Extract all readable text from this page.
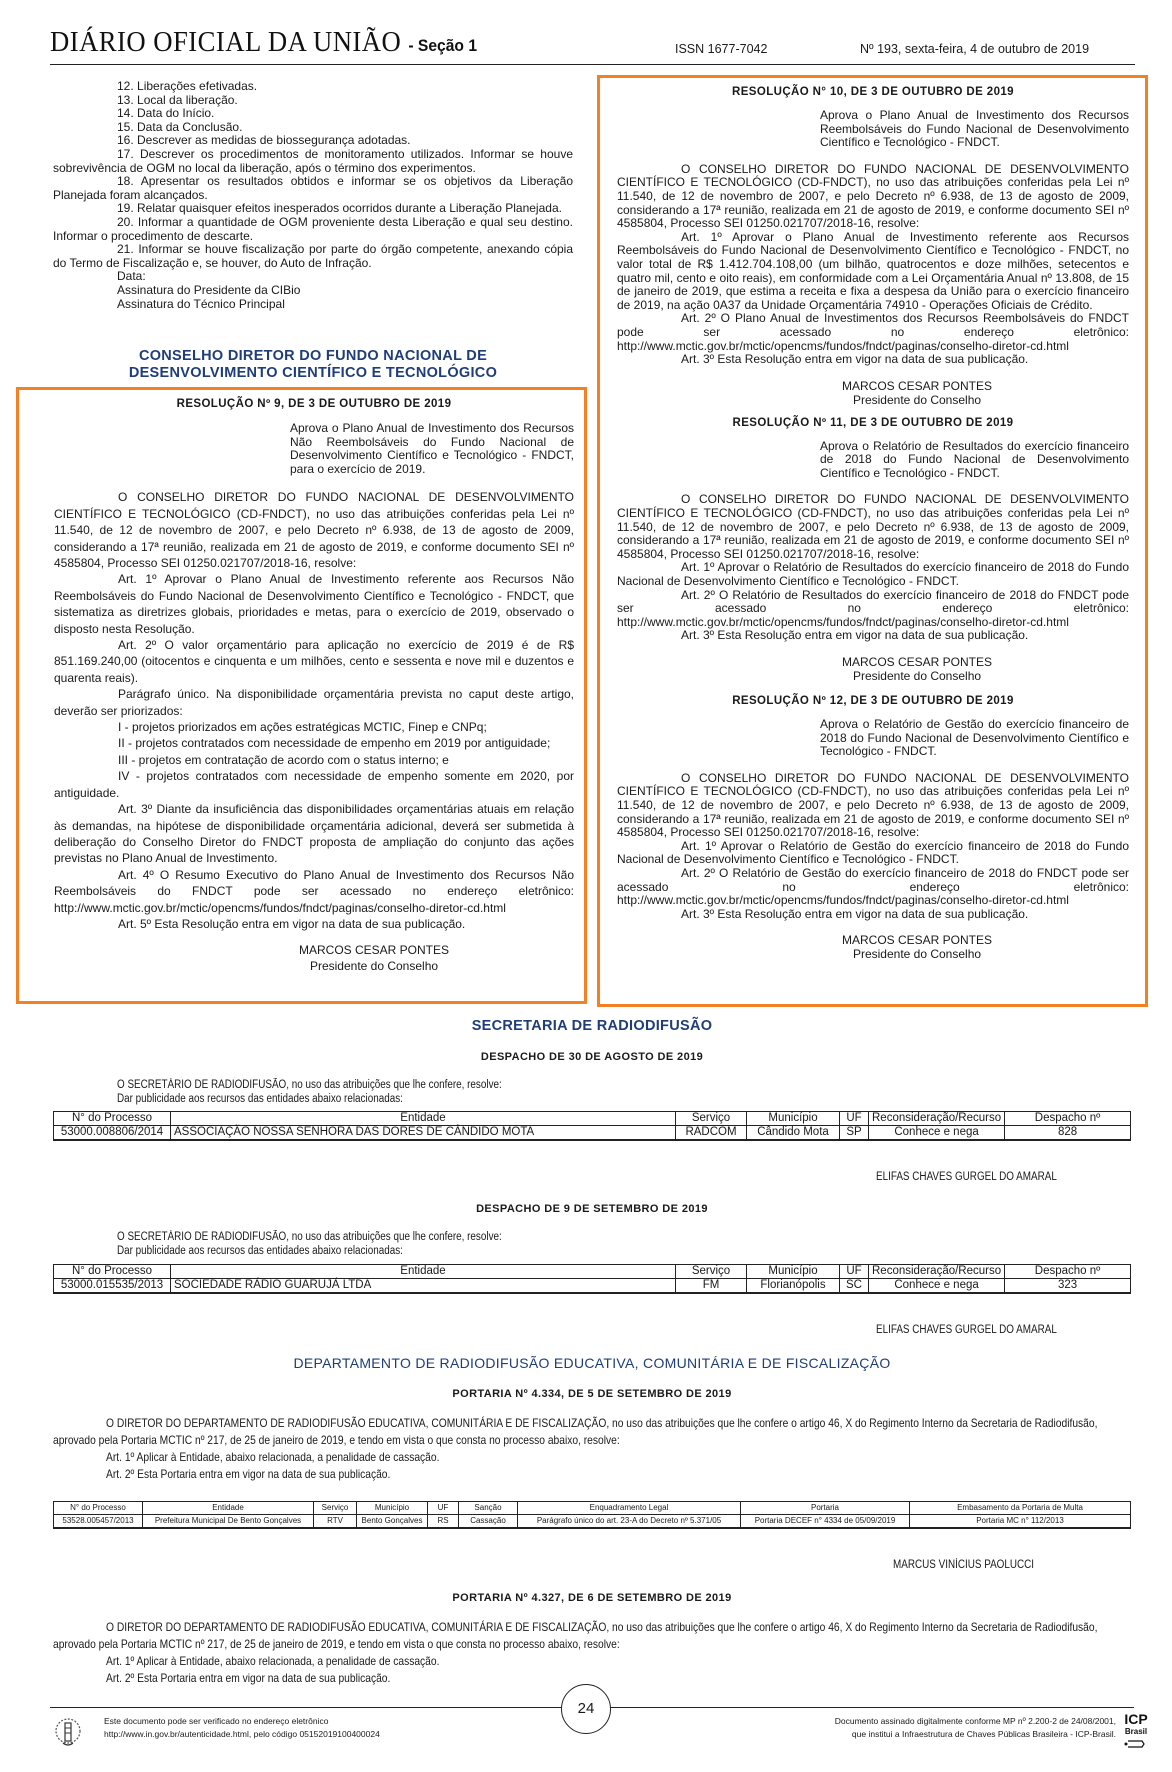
DIÁRIO OFICIAL DA UNIÃO - Seção 1	ISSN 1677-7042	Nº 193, sexta-feira, 4 de outubro de 2019
12. Liberações efetivadas.
13. Local da liberação.
14. Data do Início.
15. Data da Conclusão.
16. Descrever as medidas de biossegurança adotadas.
17. Descrever os procedimentos de monitoramento utilizados. Informar se houve sobrevivência de OGM no local da liberação, após o término dos experimentos.
18. Apresentar os resultados obtidos e informar se os objetivos da Liberação Planejada foram alcançados.
19. Relatar quaisquer efeitos inesperados ocorridos durante a Liberação Planejada.
20. Informar a quantidade de OGM proveniente desta Liberação e qual seu destino. Informar o procedimento de descarte.
21. Informar se houve fiscalização por parte do órgão competente, anexando cópia do Termo de Fiscalização e, se houver, do Auto de Infração.
Data:
Assinatura do Presidente da CIBio
Assinatura do Técnico Principal
CONSELHO DIRETOR DO FUNDO NACIONAL DE
DESENVOLVIMENTO CIENTÍFICO E TECNOLÓGICO
RESOLUÇÃO Nº 9, DE 3 DE OUTUBRO DE 2019
Aprova o Plano Anual de Investimento dos Recursos Não Reembolsáveis do Fundo Nacional de Desenvolvimento Científico e Tecnológico - FNDCT, para o exercício de 2019.
O CONSELHO DIRETOR DO FUNDO NACIONAL DE DESENVOLVIMENTO CIENTÍFICO E TECNOLÓGICO (CD-FNDCT), no uso das atribuições conferidas pela Lei nº 11.540, de 12 de novembro de 2007, e pelo Decreto nº 6.938, de 13 de agosto de 2009, considerando a 17ª reunião, realizada em 21 de agosto de 2019, e conforme documento SEI nº 4585804, Processo SEI 01250.021707/2018-16, resolve:
Art. 1º Aprovar o Plano Anual de Investimento referente aos Recursos Não Reembolsáveis do Fundo Nacional de Desenvolvimento Científico e Tecnológico - FNDCT, que sistematiza as diretrizes globais, prioridades e metas, para o exercício de 2019, observado o disposto nesta Resolução.
Art. 2º O valor orçamentário para aplicação no exercício de 2019 é de R$ 851.169.240,00 (oitocentos e cinquenta e um milhões, cento e sessenta e nove mil e duzentos e quarenta reais).
Parágrafo único. Na disponibilidade orçamentária prevista no caput deste artigo, deverão ser priorizados:
I - projetos priorizados em ações estratégicas MCTIC, Finep e CNPq;
II - projetos contratados com necessidade de empenho em 2019 por antiguidade;
III - projetos em contratação de acordo com o status interno; e
IV - projetos contratados com necessidade de empenho somente em 2020, por antiguidade.
Art. 3º Diante da insuficiência das disponibilidades orçamentárias atuais em relação às demandas, na hipótese de disponibilidade orçamentária adicional, deverá ser submetida à deliberação do Conselho Diretor do FNDCT proposta de ampliação do conjunto das ações previstas no Plano Anual de Investimento.
Art. 4º O Resumo Executivo do Plano Anual de Investimento dos Recursos Não Reembolsáveis do FNDCT pode ser acessado no endereço eletrônico: http://www.mctic.gov.br/mctic/opencms/fundos/fndct/paginas/conselho-diretor-cd.html
Art. 5º Esta Resolução entra em vigor na data de sua publicação.
MARCOS CESAR PONTES
Presidente do Conselho
RESOLUÇÃO N° 10, DE 3 DE OUTUBRO DE 2019
Aprova o Plano Anual de Investimento dos Recursos Reembolsáveis do Fundo Nacional de Desenvolvimento Científico e Tecnológico - FNDCT.
O CONSELHO DIRETOR DO FUNDO NACIONAL DE DESENVOLVIMENTO CIENTÍFICO E TECNOLÓGICO (CD-FNDCT), no uso das atribuições conferidas pela Lei nº 11.540, de 12 de novembro de 2007, e pelo Decreto nº 6.938, de 13 de agosto de 2009, considerando a 17ª reunião, realizada em 21 de agosto de 2019, e conforme documento SEI nº 4585804, Processo SEI 01250.021707/2018-16, resolve:
Art. 1º Aprovar o Plano Anual de Investimento referente aos Recursos Reembolsáveis do Fundo Nacional de Desenvolvimento Científico e Tecnológico - FNDCT, no valor total de R$ 1.412.704.108,00 (um bilhão, quatrocentos e doze milhões, setecentos e quatro mil, cento e oito reais), em conformidade com a Lei Orçamentária Anual nº 13.808, de 15 de janeiro de 2019, que estima a receita e fixa a despesa da União para o exercício financeiro de 2019, na ação 0A37 da Unidade Orçamentária 74910 - Operações Oficiais de Crédito.
Art. 2º O Plano Anual de Investimentos dos Recursos Reembolsáveis do FNDCT pode ser acessado no endereço eletrônico: http://www.mctic.gov.br/mctic/opencms/fundos/fndct/paginas/conselho-diretor-cd.html
Art. 3º Esta Resolução entra em vigor na data de sua publicação.
MARCOS CESAR PONTES
Presidente do Conselho
RESOLUÇÃO Nº 11, DE 3 DE OUTUBRO DE 2019
Aprova o Relatório de Resultados do exercício financeiro de 2018 do Fundo Nacional de Desenvolvimento Científico e Tecnológico - FNDCT.
O CONSELHO DIRETOR DO FUNDO NACIONAL DE DESENVOLVIMENTO CIENTÍFICO E TECNOLÓGICO (CD-FNDCT), no uso das atribuições conferidas pela Lei nº 11.540, de 12 de novembro de 2007, e pelo Decreto nº 6.938, de 13 de agosto de 2009, considerando a 17ª reunião, realizada em 21 de agosto de 2019, e conforme documento SEI nº 4585804, Processo SEI 01250.021707/2018-16, resolve:
Art. 1º Aprovar o Relatório de Resultados do exercício financeiro de 2018 do Fundo Nacional de Desenvolvimento Científico e Tecnológico - FNDCT.
Art. 2º O Relatório de Resultados do exercício financeiro de 2018 do FNDCT pode ser acessado no endereço eletrônico: http://www.mctic.gov.br/mctic/opencms/fundos/fndct/paginas/conselho-diretor-cd.html
Art. 3º Esta Resolução entra em vigor na data de sua publicação.
MARCOS CESAR PONTES
Presidente do Conselho
RESOLUÇÃO Nº 12, DE 3 DE OUTUBRO DE 2019
Aprova o Relatório de Gestão do exercício financeiro de 2018 do Fundo Nacional de Desenvolvimento Científico e Tecnológico - FNDCT.
O CONSELHO DIRETOR DO FUNDO NACIONAL DE DESENVOLVIMENTO CIENTÍFICO E TECNOLÓGICO (CD-FNDCT), no uso das atribuições conferidas pela Lei nº 11.540, de 12 de novembro de 2007, e pelo Decreto nº 6.938, de 13 de agosto de 2009, considerando a 17ª reunião, realizada em 21 de agosto de 2019, e conforme documento SEI nº 4585804, Processo SEI 01250.021707/2018-16, resolve:
Art. 1º Aprovar o Relatório de Gestão do exercício financeiro de 2018 do Fundo Nacional de Desenvolvimento Científico e Tecnológico - FNDCT.
Art. 2º O Relatório de Gestão do exercício financeiro de 2018 do FNDCT pode ser acessado no endereço eletrônico: http://www.mctic.gov.br/mctic/opencms/fundos/fndct/paginas/conselho-diretor-cd.html
Art. 3º Esta Resolução entra em vigor na data de sua publicação.
MARCOS CESAR PONTES
Presidente do Conselho
SECRETARIA DE RADIODIFUSÃO
DESPACHO DE 30 DE AGOSTO DE 2019
O SECRETÁRIO DE RADIODIFUSÃO, no uso das atribuições que lhe confere, resolve:
Dar publicidade aos recursos das entidades abaixo relacionadas:
N° do Processo	Entidade	Serviço	Município	UF	Reconsideração/Recurso	Despacho nº
53000.008806/2014	ASSOCIAÇÃO NOSSA SENHORA DAS DORES DE CÂNDIDO MOTA	RADCOM	Cândido Mota	SP	Conhece e nega	828
ELIFAS CHAVES GURGEL DO AMARAL
DESPACHO DE 9 DE SETEMBRO DE 2019
O SECRETÁRIO DE RADIODIFUSÃO, no uso das atribuições que lhe confere, resolve:
Dar publicidade aos recursos das entidades abaixo relacionadas:
N° do Processo	Entidade	Serviço	Município	UF	Reconsideração/Recurso	Despacho nº
53000.015535/2013	SOCIEDADE RÁDIO GUARUJÁ LTDA	FM	Florianópolis	SC	Conhece e nega	323
ELIFAS CHAVES GURGEL DO AMARAL
DEPARTAMENTO DE RADIODIFUSÃO EDUCATIVA, COMUNITÁRIA E DE FISCALIZAÇÃO
PORTARIA Nº 4.334, DE 5 DE SETEMBRO DE 2019
O DIRETOR DO DEPARTAMENTO DE RADIODIFUSÃO EDUCATIVA, COMUNITÁRIA E DE FISCALIZAÇÃO, no uso das atribuições que lhe confere o artigo 46, X do Regimento Interno da Secretaria de Radiodifusão, aprovado pela Portaria MCTIC nº 217, de 25 de janeiro de 2019, e tendo em vista o que consta no processo abaixo, resolve:
Art. 1º Aplicar à Entidade, abaixo relacionada, a penalidade de cassação.
Art. 2º Esta Portaria entra em vigor na data de sua publicação.
N° do Processo	Entidade	Serviço	Município	UF	Sanção	Enquadramento Legal	Portaria	Embasamento da Portaria de Multa
53528.005457/2013	Prefeitura Municipal De Bento Gonçalves	RTV	Bento Gonçalves	RS	Cassação	Parágrafo único do art. 23-A do Decreto nº 5.371/05	Portaria DECEF n° 4334 de 05/09/2019	Portaria MC n° 112/2013
MARCUS VINÍCIUS PAOLUCCI
PORTARIA Nº 4.327, DE 6 DE SETEMBRO DE 2019
O DIRETOR DO DEPARTAMENTO DE RADIODIFUSÃO EDUCATIVA, COMUNITÁRIA E DE FISCALIZAÇÃO, no uso das atribuições que lhe confere o artigo 46, X do Regimento Interno da Secretaria de Radiodifusão, aprovado pela Portaria MCTIC nº 217, de 25 de janeiro de 2019, e tendo em vista o que consta no processo abaixo, resolve:
Art. 1º Aplicar à Entidade, abaixo relacionada, a penalidade de cassação.
Art. 2º Esta Portaria entra em vigor na data de sua publicação.
24
Este documento pode ser verificado no endereço eletrônico
http://www.in.gov.br/autenticidade.html, pelo código 05152019100400024
Documento assinado digitalmente conforme MP nº 2.200-2 de 24/08/2001,
que institui a Infraestrutura de Chaves Públicas Brasileira - ICP-Brasil.
ICP
Brasil
